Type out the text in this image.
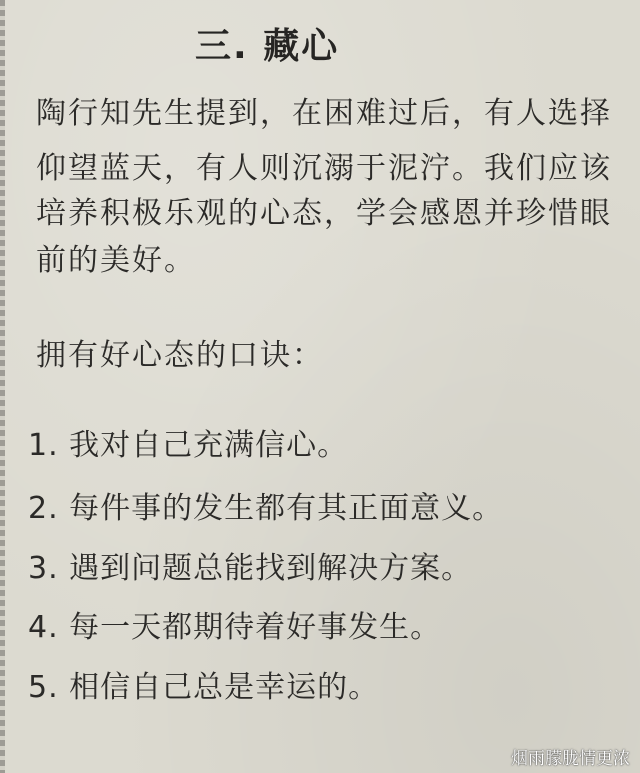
三. 藏心
陶行知先生提到，在困难过后，有人选择
仰望蓝天，有人则沉溺于泥泞。我们应该
培养积极乐观的心态，学会感恩并珍惜眼
前的美好。
拥有好心态的口诀：
1. 我对自己充满信心。
2. 每件事的发生都有其正面意义。
3. 遇到问题总能找到解决方案。
4. 每一天都期待着好事发生。
5. 相信自己总是幸运的。
烟雨朦胧情更浓
